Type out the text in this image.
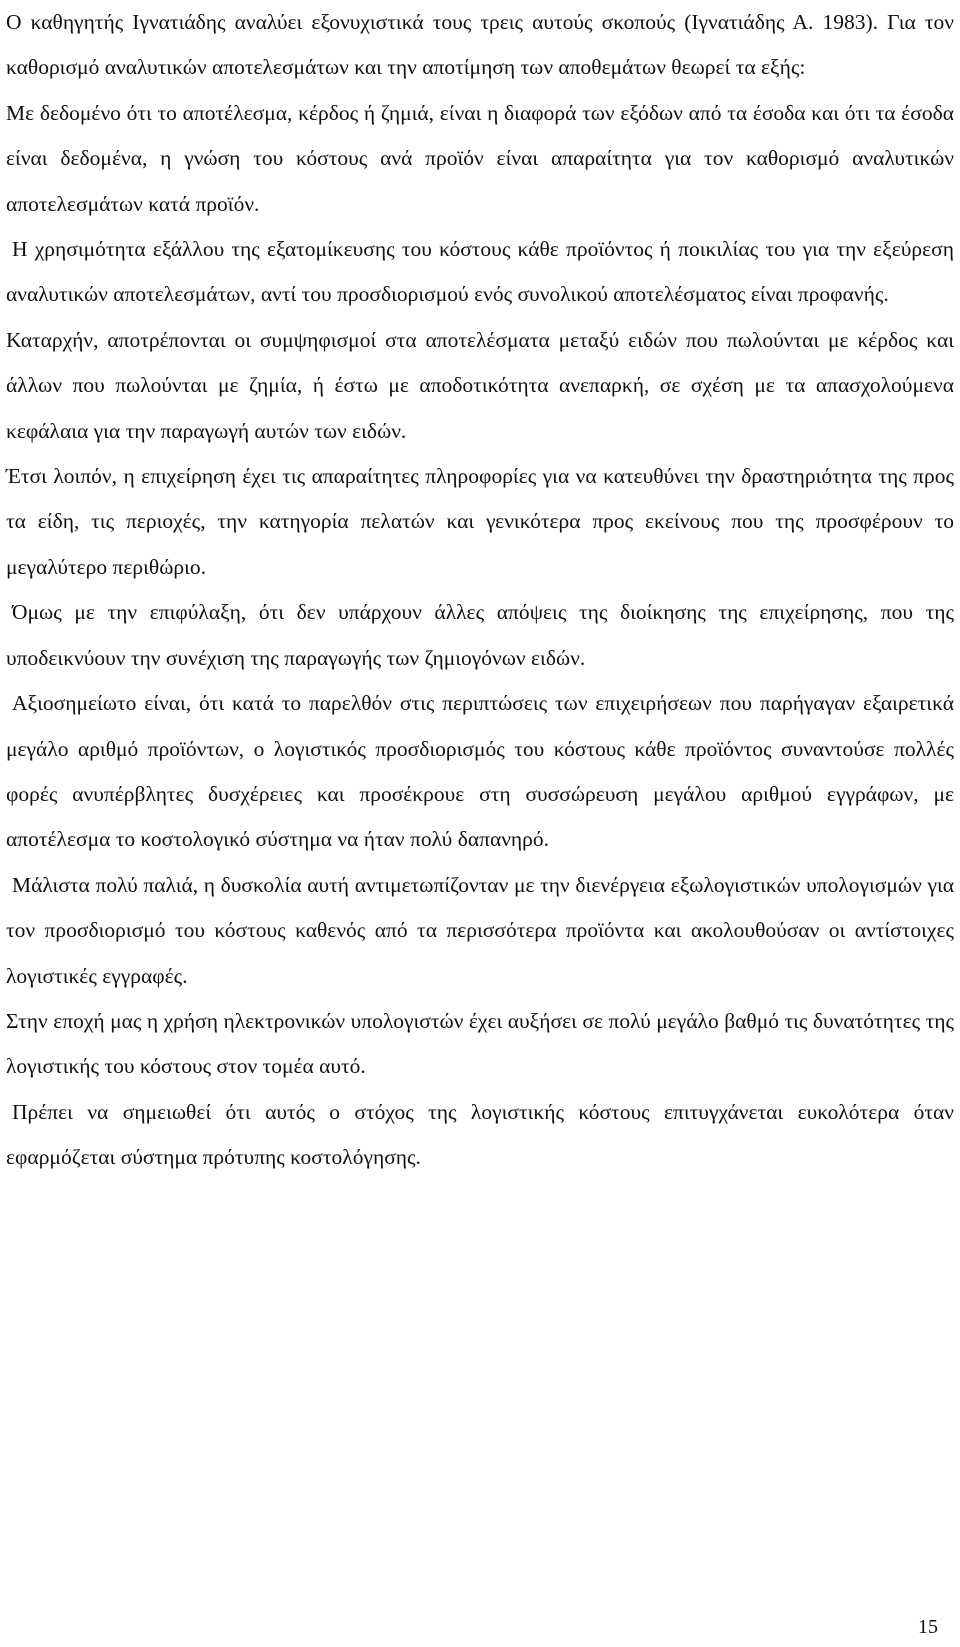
Ο καθηγητής Ιγνατιάδης αναλύει εξονυχιστικά τους τρεις αυτούς σκοπούς (Ιγνατιάδης Α. 1983). Για τον καθορισμό αναλυτικών αποτελεσμάτων και την αποτίμηση των αποθεμάτων θεωρεί τα εξής:

Με δεδομένο ότι το αποτέλεσμα, κέρδος ή ζημιά, είναι η διαφορά των εξόδων από τα έσοδα και ότι τα έσοδα είναι δεδομένα, η γνώση του κόστους ανά προϊόν είναι απαραίτητα για τον καθορισμό αναλυτικών αποτελεσμάτων κατά προϊόν.

Η χρησιμότητα εξάλλου της εξατομίκευσης του κόστους κάθε προϊόντος ή ποικιλίας του για την εξεύρεση αναλυτικών αποτελεσμάτων, αντί του προσδιορισμού ενός συνολικού αποτελέσματος είναι προφανής.

Καταρχήν, αποτρέπονται οι συμψηφισμοί στα αποτελέσματα μεταξύ ειδών που πωλούνται με κέρδος και άλλων που πωλούνται με ζημία, ή έστω με αποδοτικότητα ανεπαρκή, σε σχέση με τα απασχολούμενα κεφάλαια για την παραγωγή αυτών των ειδών.

Έτσι λοιπόν, η επιχείρηση έχει τις απαραίτητες πληροφορίες για να κατευθύνει την δραστηριότητα της προς τα είδη, τις περιοχές, την κατηγορία πελατών και γενικότερα προς εκείνους που της προσφέρουν το μεγαλύτερο περιθώριο.

Όμως με την επιφύλαξη, ότι δεν υπάρχουν άλλες απόψεις της διοίκησης της επιχείρησης, που της υποδεικνύουν την συνέχιση της παραγωγής των ζημιογόνων ειδών.

Αξιοσημείωτο είναι, ότι κατά το παρελθόν στις περιπτώσεις των επιχειρήσεων που παρήγαγαν εξαιρετικά μεγάλο αριθμό προϊόντων, ο λογιστικός προσδιορισμός του κόστους κάθε προϊόντος συναντούσε πολλές φορές ανυπέρβλητες δυσχέρειες και προσέκρουε στη συσσώρευση μεγάλου αριθμού εγγράφων, με αποτέλεσμα το κοστολογικό σύστημα να ήταν πολύ δαπανηρό.

Μάλιστα πολύ παλιά, η δυσκολία αυτή αντιμετωπίζονταν με την διενέργεια εξωλογιστικών υπολογισμών για τον προσδιορισμό του κόστους καθενός από τα περισσότερα προϊόντα και ακολουθούσαν οι αντίστοιχες λογιστικές εγγραφές.

Στην εποχή μας η χρήση ηλεκτρονικών υπολογιστών έχει αυξήσει σε πολύ μεγάλο βαθμό τις δυνατότητες της λογιστικής του κόστους στον τομέα αυτό.

Πρέπει να σημειωθεί ότι αυτός ο στόχος της λογιστικής κόστους επιτυγχάνεται ευκολότερα όταν εφαρμόζεται σύστημα πρότυπης κοστολόγησης.

15
